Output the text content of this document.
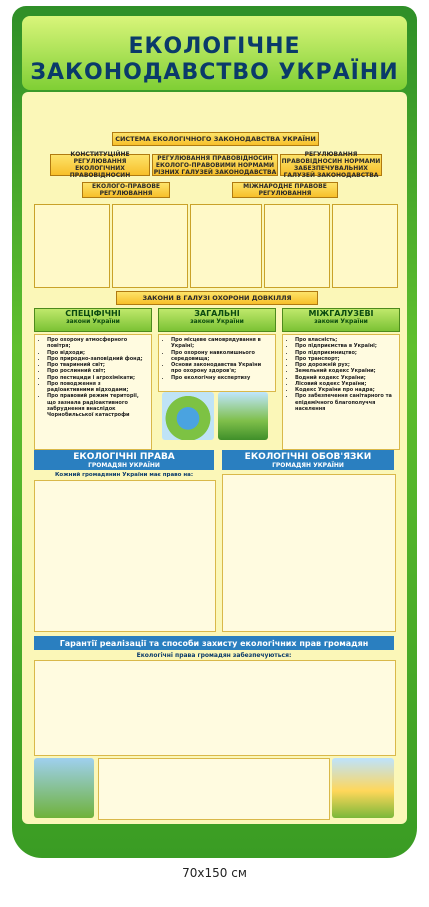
ЕКОЛОГІЧНЕ
ЗАКОНОДАВСТВО УКРАЇНИ
СИСТЕМА ЕКОЛОГІЧНОГО ЗАКОНОДАВСТВА УКРАЇНИ
КОНСТИТУЦІЙНЕ РЕГУЛЮВАННЯ ЕКОЛОГІЧНИХ ПРАВОВІДНОСИН
РЕГУЛЮВАННЯ ПРАВОВІДНОСИН ЕКОЛОГО-ПРАВОВИМИ НОРМАМИ РІЗНИХ ГАЛУЗЕЙ ЗАКОНОДАВСТВА
РЕГУЛЮВАННЯ ПРАВОВІДНОСИН НОРМАМИ ЗАБЕЗПЕЧУВАЛЬНИХ ГАЛУЗЕЙ ЗАКОНОДАВСТВА
ЕКОЛОГО-ПРАВОВЕ РЕГУЛЮВАННЯ
МІЖНАРОДНЕ ПРАВОВЕ РЕГУЛЮВАННЯ
ЗАКОНИ В ГАЛУЗІ ОХОРОНИ ДОВКІЛЛЯ
СПЕЦІФІЧНІ
закони України
ЗАГАЛЬНІ
закони України
МІЖГАЛУЗЕВІ
закони України
• Про охорону атмосферного повітря;
• Про відходи;
• Про природно-заповідний фонд;
• Про тваринний світ;
• Про рослинний світ;
• Про пестициди і агрохімікати;
• Про поводження з радіоактивними відходами;
• Про правовий режим території, що зазнала радіоактивного забруднення внаслідок Чорнобильської катастрофи
• Про місцеве самоврядування в Україні;
• Про охорону навколишнього середовища;
• Основи законодавства України про охорону здоров'я;
• Про екологічну експертизу
• Про власність;
• Про підприємства в Україні;
• Про підприємництво;
• Про транспорт;
• Про дорожній рух;
• Земельний кодекс України;
• Водний кодекс України;
• Лісовий кодекс України;
• Кодекс України про надра;
• Про забезпечення санітарного та епідемічного благополуччя населення
ЕКОЛОГІЧНІ ПРАВА
ГРОМАДЯН УКРАЇНИ
Кожний громадянин України має право на:
ЕКОЛОГІЧНІ ОБОВ'ЯЗКИ
ГРОМАДЯН УКРАЇНИ
Гарантії реалізації та способи захисту екологічних прав громадян
Екологічні права громадян забезпечуються:
70x150 см
